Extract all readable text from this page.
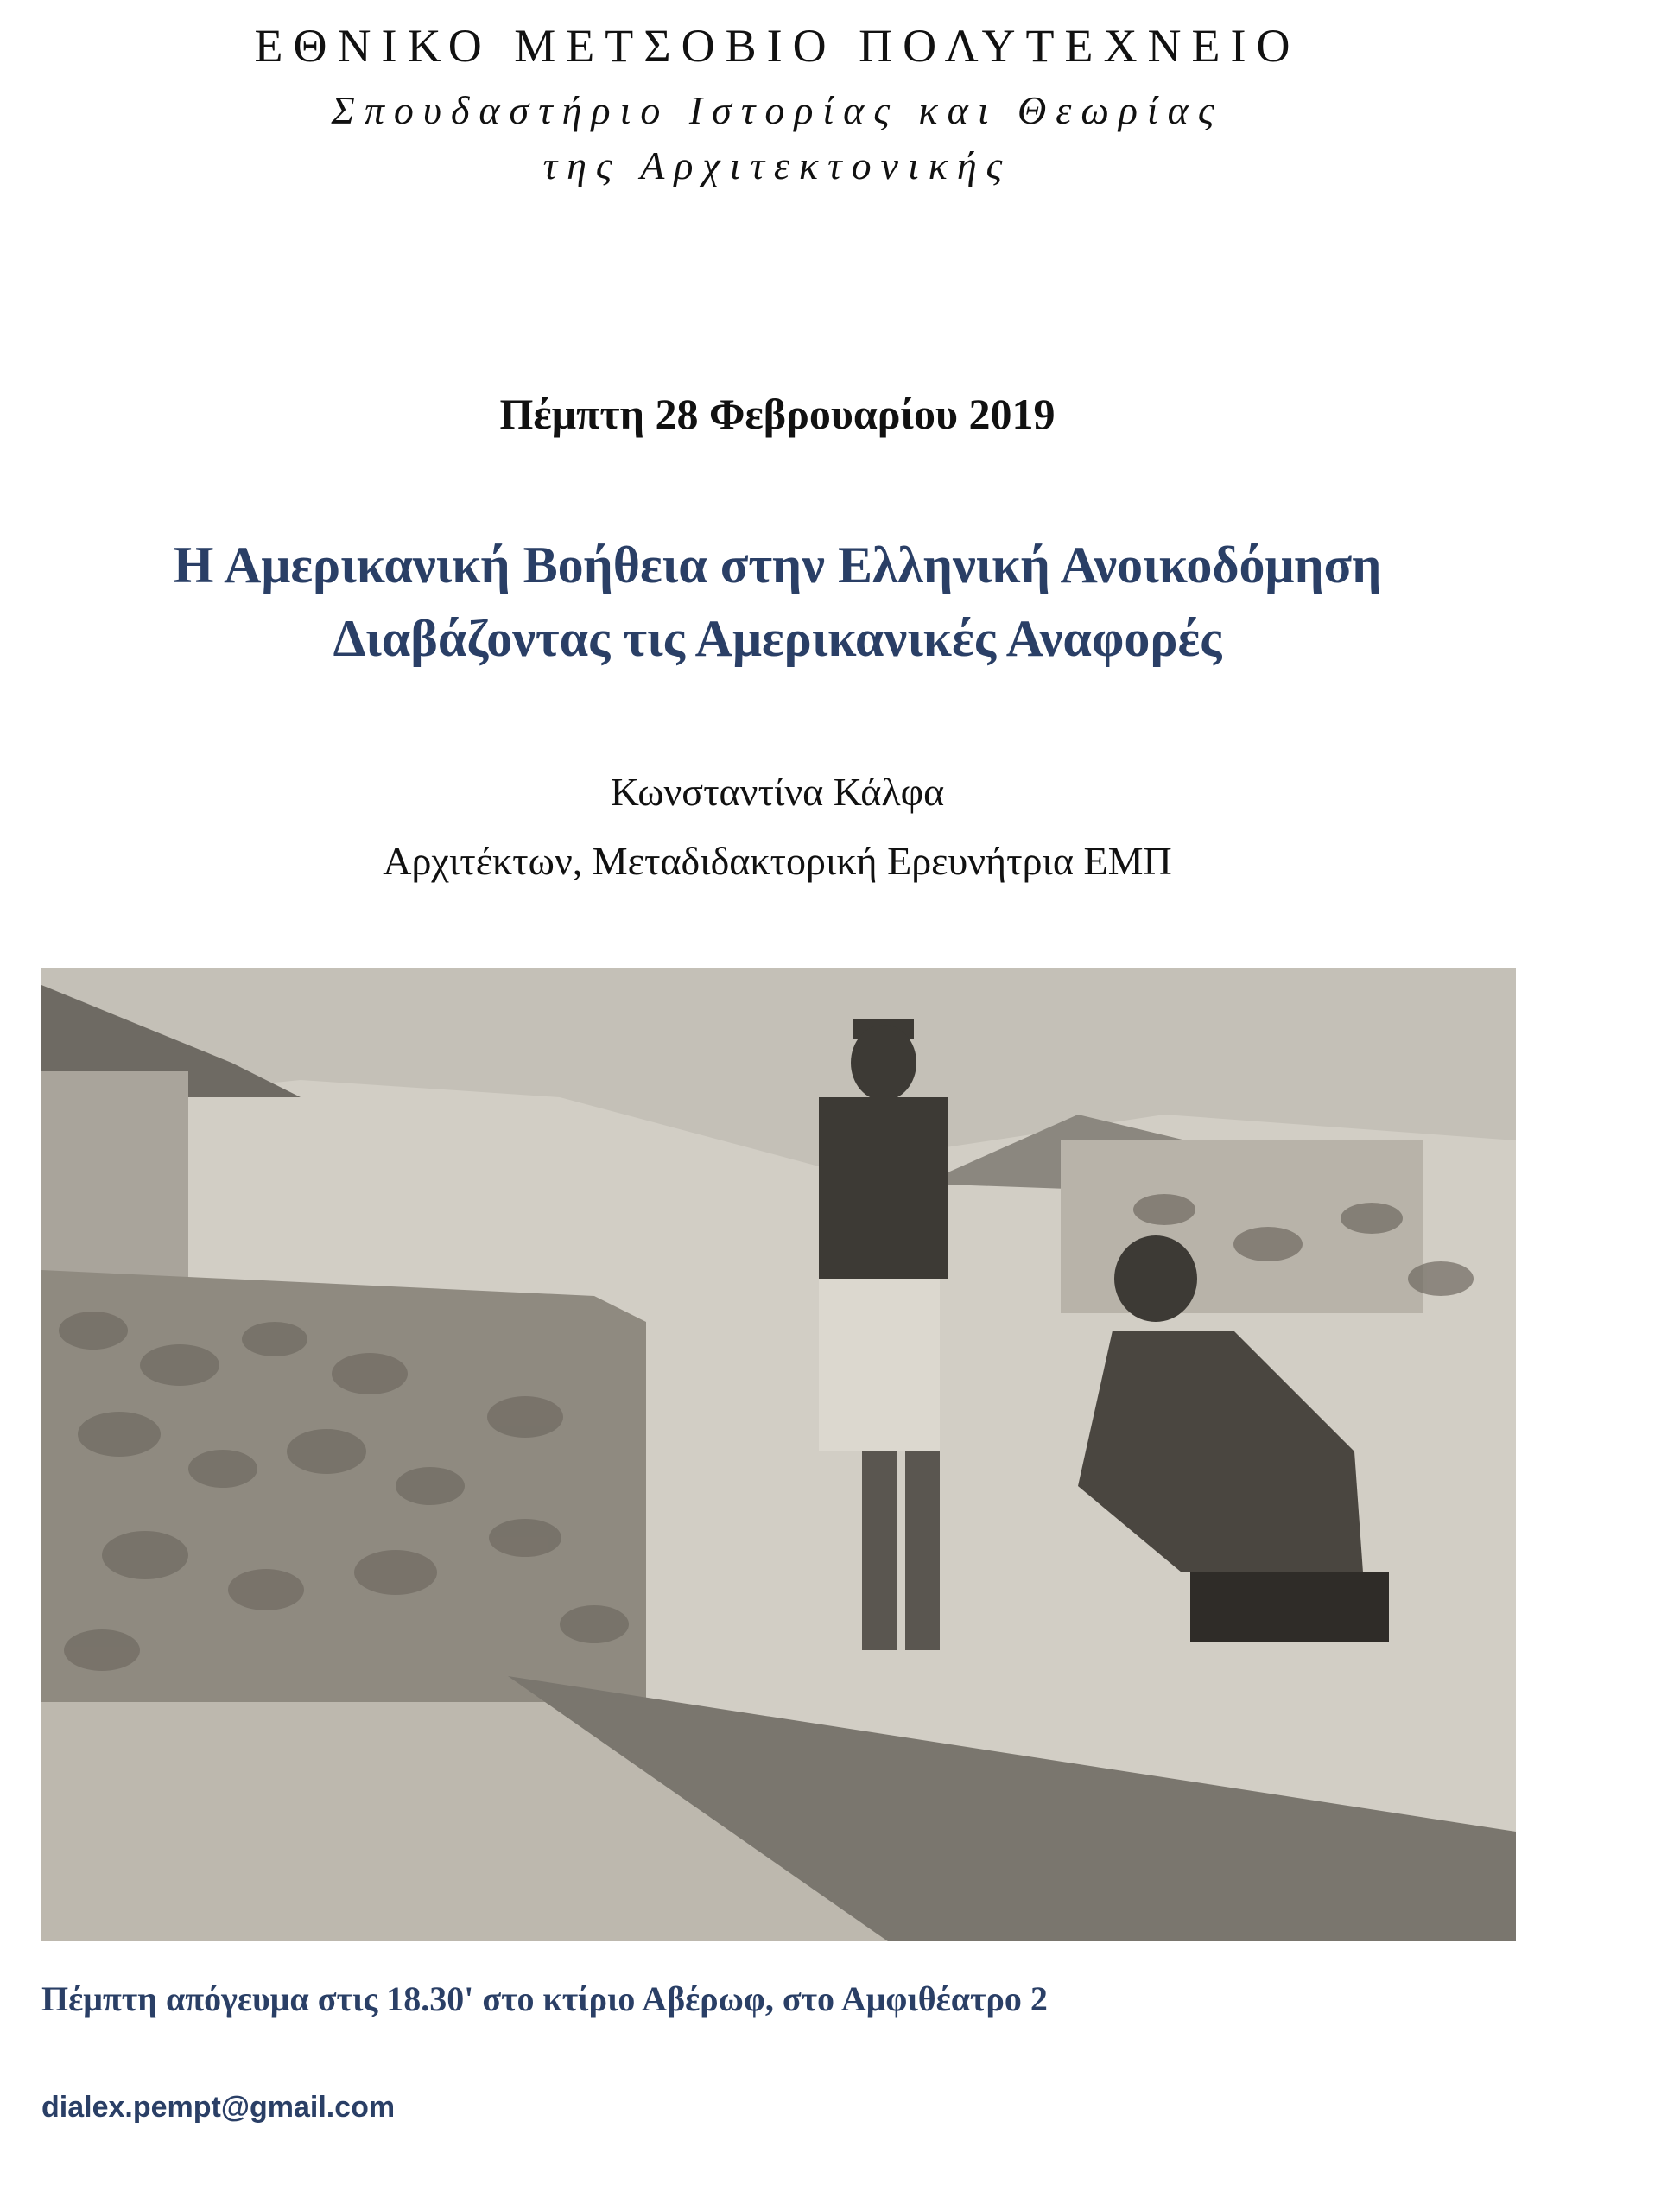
ΕΘΝΙΚΟ ΜΕΤΣΟΒΙΟ ΠΟΛΥΤΕΧΝΕΙΟ
Σπουδαστήριο Ιστορίας και Θεωρίας
της Αρχιτεκτονικής
Πέμπτη 28 Φεβρουαρίου 2019
Η Αμερικανική Βοήθεια στην Ελληνική Ανοικοδόμηση
Διαβάζοντας τις Αμερικανικές Αναφορές
Κωνσταντίνα Κάλφα
Αρχιτέκτων, Μεταδιδακτορική Ερευνήτρια ΕΜΠ
Πέμπτη απόγευμα στις 18.30' στο κτίριο Αβέρωφ, στο Αμφιθέατρο 2
dialex.pempt@gmail.com
